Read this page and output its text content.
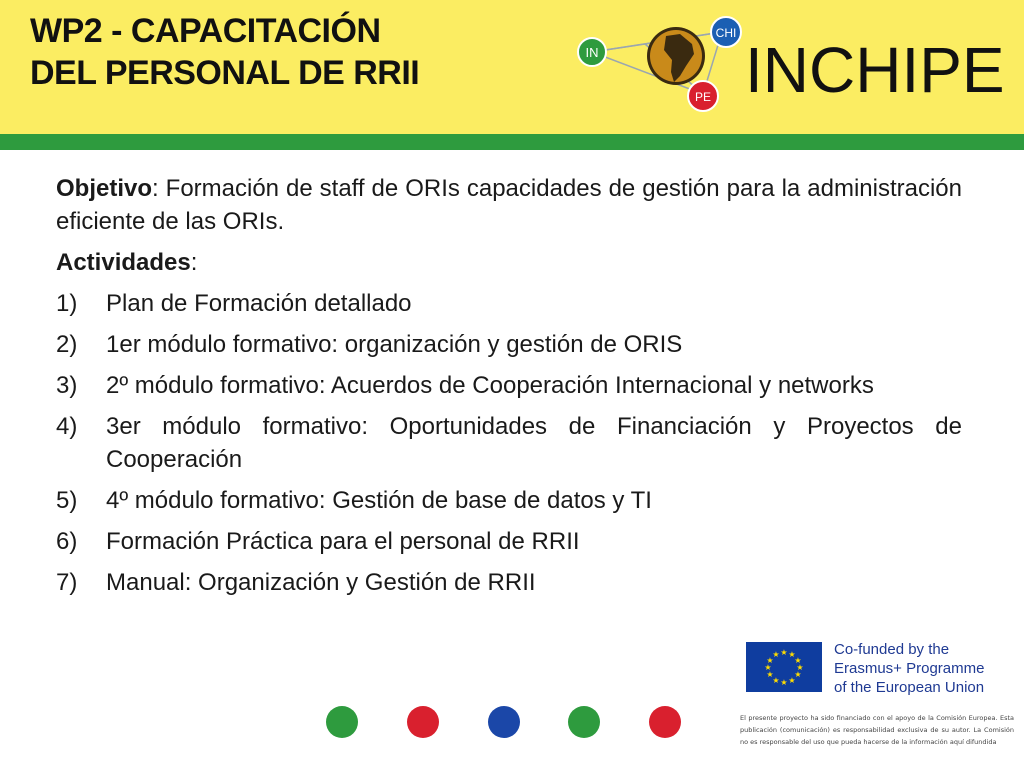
WP2 - CAPACITACIÓN
DEL PERSONAL DE RRII
IN
CHI
PE INCHIPE

Objetivo: Formación de staff de ORIs capacidades de gestión para la administración eficiente de las ORIs.

Actividades:

1)	Plan de Formación detallado
2)	1er módulo formativo: organización y gestión de ORIS
3)	2º módulo formativo: Acuerdos de Cooperación Internacional y networks
4)	3er módulo formativo: Oportunidades de Financiación y Proyectos de Cooperación
5)	4º módulo formativo: Gestión de base de datos y TI
6)	Formación Práctica para el personal de RRII
7)	Manual: Organización y Gestión de RRII
★ ★
★
★
★
★
★
★
★
★
★
★	Co-funded by the
Erasmus+ Programme
of the European Union
El presente proyecto ha sido financiado con el apoyo de la Comisión Europea. Esta publicación (comunicación) es responsabilidad exclusiva de su autor. La Comisión no es responsable del uso que pueda hacerse de la información aquí difundida
